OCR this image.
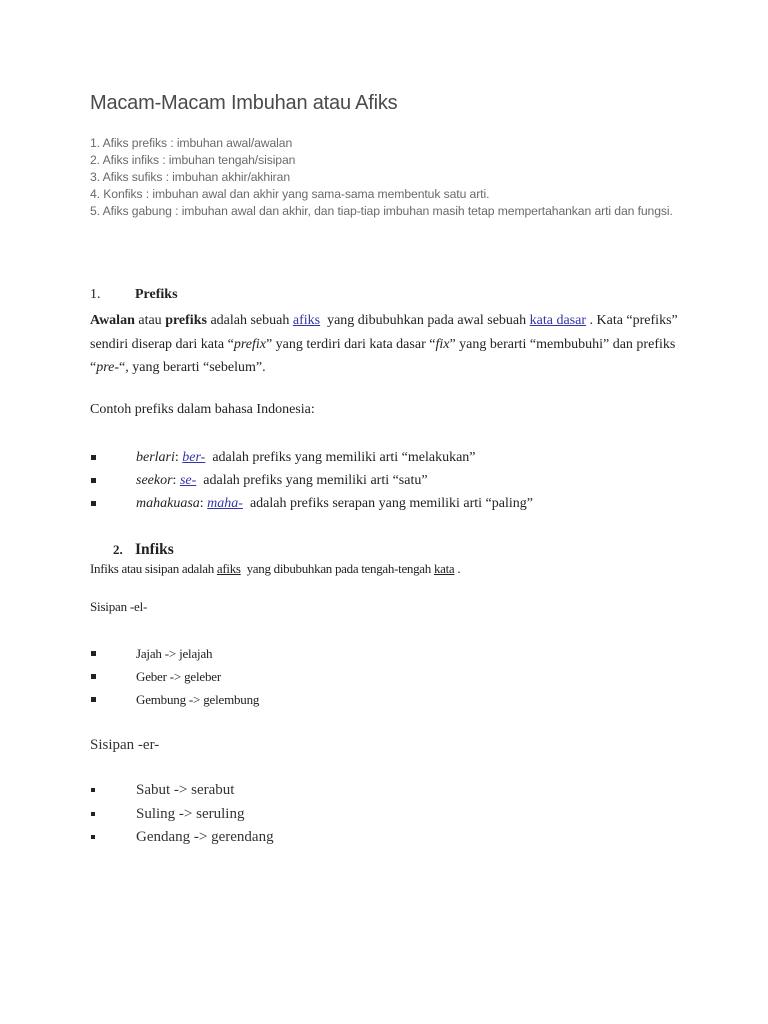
Macam-Macam Imbuhan atau Afiks
1. Afiks prefiks : imbuhan awal/awalan
2. Afiks infiks : imbuhan tengah/sisipan
3. Afiks sufiks : imbuhan akhir/akhiran
4. Konfiks : imbuhan awal dan akhir yang sama-sama membentuk satu arti.
5. Afiks gabung : imbuhan awal dan akhir, dan tiap-tiap imbuhan masih tetap mempertahankan arti dan fungsi.
1. Prefiks
Awalan atau prefiks adalah sebuah afiks  yang dibubuhkan pada awal sebuah kata dasar . Kata “prefiks” sendiri diserap dari kata “prefix” yang terdiri dari kata dasar “fix” yang berarti “membubuhi” dan prefiks “pre-“, yang berarti “sebelum”.
Contoh prefiks dalam bahasa Indonesia:
berlari: ber-  adalah prefiks yang memiliki arti “melakukan”
seekor: se-  adalah prefiks yang memiliki arti “satu”
mahakuasa: maha-  adalah prefiks serapan yang memiliki arti “paling”
2. Infiks
Infiks atau sisipan adalah afiks  yang dibubuhkan pada tengah-tengah kata .
Sisipan -el-
Jajah -> jelajah
Geber -> geleber
Gembung -> gelembung
Sisipan -er-
Sabut -> serabut
Suling -> seruling
Gendang -> gerendang
